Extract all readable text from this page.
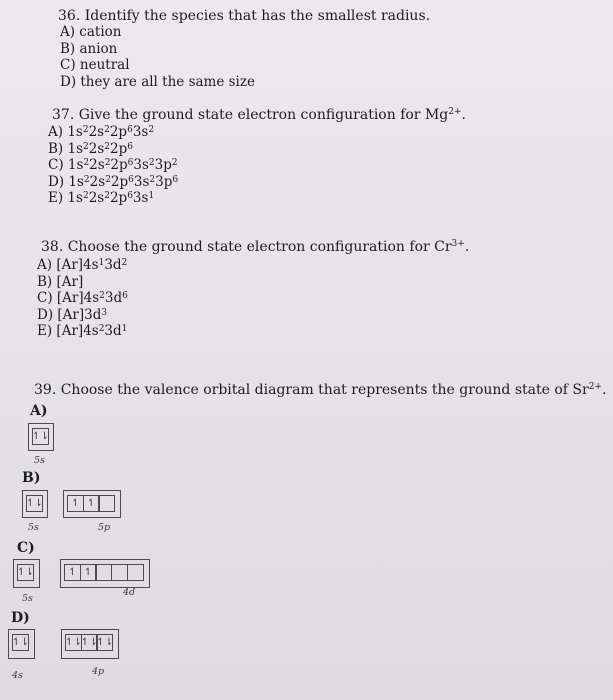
36. Identify the species that has the smallest radius.
A) cation
B) anion
C) neutral
D) they are all the same size
37. Give the ground state electron configuration for $Mg^{2+}$.
A) $1s^22s^22p^63s^2$
B) $1s^22s^22p^6$
C) $1s^22s^22p^63s^23p^2$
D) $1s^22s^22p^63s^23p^6$
E) $1s^22s^22p^63s^1$
38. Choose the ground state electron configuration for $Cr^{3+}$.
A) $[Ar]4s^13d^2$
B) [Ar]
C) $[Ar]4s^23d^6$
D) $[Ar]3d^3$
E) $[Ar]4s^23d^1$
39. Choose the valence orbital diagram that represents the ground state of $Sr^{2+}$.
A)
↿⇂
5s
B)
↿⇂
5s
↿ ↿
5p
C)
↿⇂
5s
↿ ↿
4d
D)
↿⇂
4s
↿⇂
↿⇂
↿⇂
4p
